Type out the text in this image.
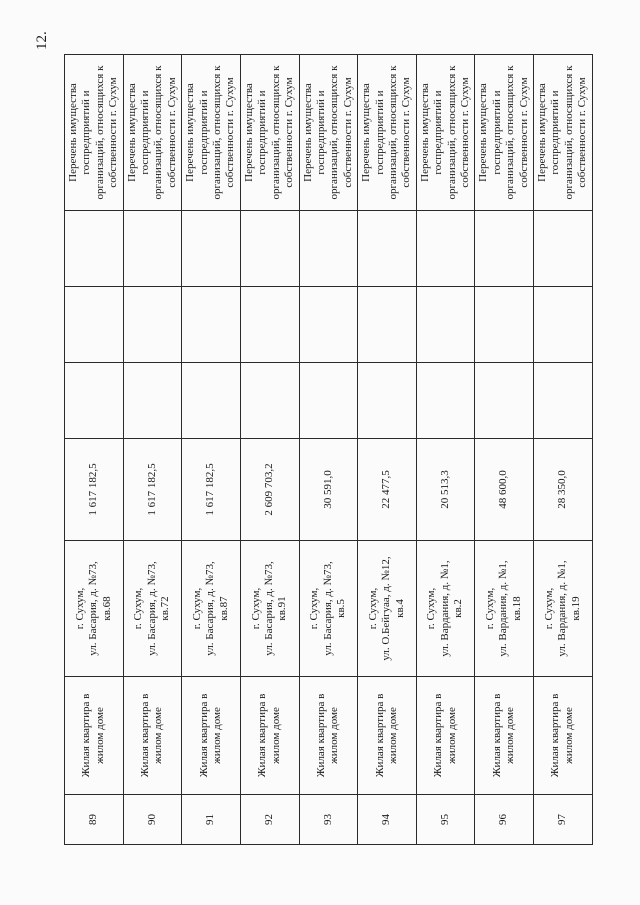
12.
89	Жилая квартира в жилом доме	г. Сухум, ул. Басария, д. №73, кв.68	1 617 182,5				Перечень имущества госпредприятий и организаций, относящихся к собственности г. Сухум

90	Жилая квартира в жилом доме	г. Сухум, ул. Басария, д. №73, кв.72	1 617 182,5				Перечень имущества госпредприятий и организаций, относящихся к собственности г. Сухум

91	Жилая квартира в жилом доме	г. Сухум, ул. Басария, д. №73, кв.87	1 617 182,5				Перечень имущества госпредприятий и организаций, относящихся к собственности г. Сухум

92	Жилая квартира в жилом доме	г. Сухум, ул. Басария, д. №73, кв.91	2 609 703,2				Перечень имущества госпредприятий и организаций, относящихся к собственности г. Сухум

93	Жилая квартира в жилом доме	г. Сухум, ул. Басария, д. №73, кв.5	30 591,0				Перечень имущества госпредприятий и организаций, относящихся к собственности г. Сухум

94	Жилая квартира в жилом доме	г. Сухум, ул. О.Бейгуаа, д. №12, кв.4	22 477,5				Перечень имущества госпредприятий и организаций, относящихся к собственности г. Сухум

95	Жилая квартира в жилом доме	г. Сухум, ул. Вардания, д. №1, кв.2	20 513,3				Перечень имущества госпредприятий и организаций, относящихся к собственности г. Сухум

96	Жилая квартира в жилом доме	г. Сухум, ул. Вардания, д. №1, кв.18	48 600,0				Перечень имущества госпредприятий и организаций, относящихся к собственности г. Сухум

97	Жилая квартира в жилом доме	г. Сухум, ул. Вардания, д. №1, кв.19	28 350,0				Перечень имущества госпредприятий и организаций, относящихся к собственности г. Сухум
